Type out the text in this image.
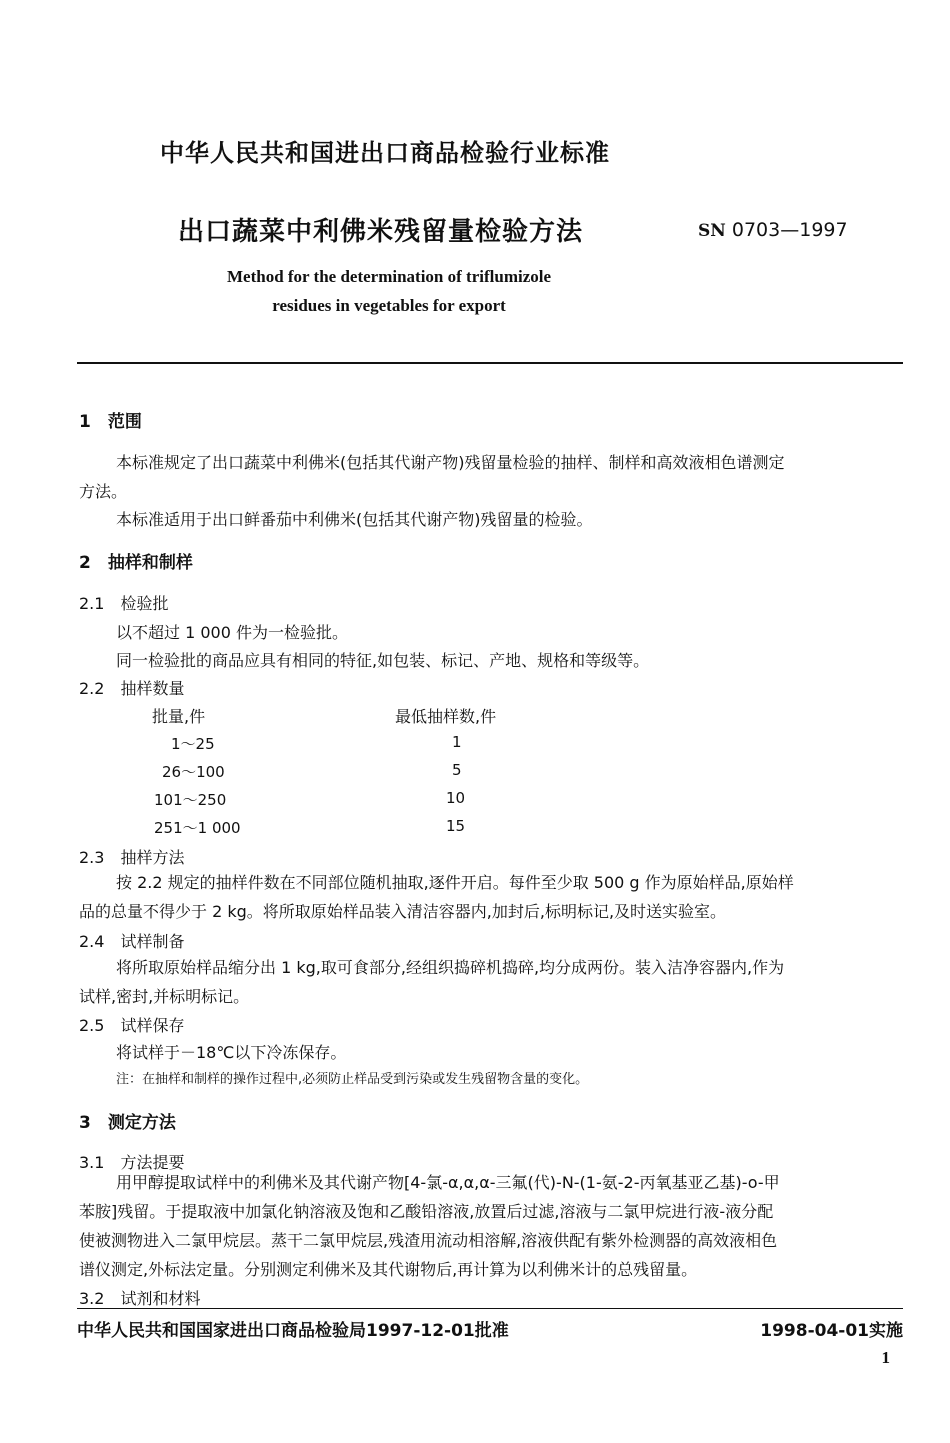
中华人民共和国进出口商品检验行业标准
出口蔬菜中利佛米残留量检验方法	SN 0703—1997
Method for the determination of triflumizole
residues in vegetables for export
1　范围
本标准规定了出口蔬菜中利佛米(包括其代谢产物)残留量检验的抽样、制样和高效液相色谱测定
方法。
本标准适用于出口鲜番茄中利佛米(包括其代谢产物)残留量的检验。
2　抽样和制样
2.1　检验批
以不超过 1 000 件为一检验批。
同一检验批的商品应具有相同的特征,如包装、标记、产地、规格和等级等。
2.2　抽样数量
批量,件	最低抽样数,件
1～25	1
26～100	5
101～250	10
251～1 000	15
2.3　抽样方法
按 2.2 规定的抽样件数在不同部位随机抽取,逐件开启。每件至少取 500 g 作为原始样品,原始样
品的总量不得少于 2 kg。将所取原始样品装入清洁容器内,加封后,标明标记,及时送实验室。
2.4　试样制备
将所取原始样品缩分出 1 kg,取可食部分,经组织捣碎机捣碎,均分成两份。装入洁净容器内,作为
试样,密封,并标明标记。
2.5　试样保存
将试样于－18℃以下冷冻保存。
注：在抽样和制样的操作过程中,必须防止样品受到污染或发生残留物含量的变化。
3　测定方法
3.1　方法提要
用甲醇提取试样中的利佛米及其代谢产物[4-氯-α,α,α-三氟(代)-N-(1-氨-2-丙氧基亚乙基)-o-甲
苯胺]残留。于提取液中加氯化钠溶液及饱和乙酸铅溶液,放置后过滤,溶液与二氯甲烷进行液-液分配
使被测物进入二氯甲烷层。蒸干二氯甲烷层,残渣用流动相溶解,溶液供配有紫外检测器的高效液相色
谱仪测定,外标法定量。分别测定利佛米及其代谢物后,再计算为以利佛米计的总残留量。
3.2　试剂和材料
中华人民共和国国家进出口商品检验局1997-12-01批准	1998-04-01实施
1
